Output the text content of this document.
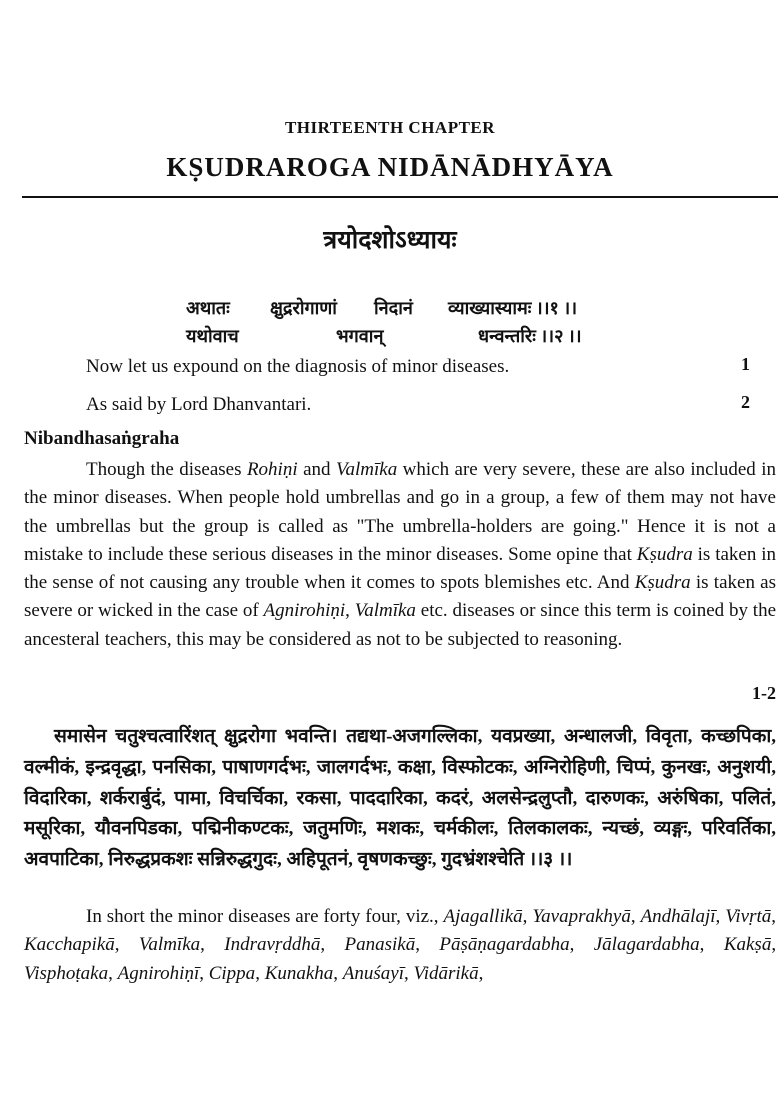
THIRTEENTH CHAPTER
KṢUDRAROGA NIDĀNĀDHYĀYA
त्रयोदशोऽध्यायः
अथातः क्षुद्ररोगाणां निदानं व्याख्यास्यामः ।।१ ।।
यथोवाच	भगवान्	धन्वन्तरिः ।।२ ।।
Now let us expound on the diagnosis of minor diseases.	1
As said by Lord Dhanvantari.	2
Nibandhasaṅgraha

Though the diseases Rohiṇi and Valmīka which are very severe, these are also included in the minor diseases. When people hold umbrellas and go in a group, a few of them may not have the umbrellas but the group is called as "The umbrella-holders are going." Hence it is not a mistake to include these serious diseases in the minor diseases. Some opine that Kṣudra is taken in the sense of not causing any trouble when it comes to spots blemishes etc. And Kṣudra is taken as severe or wicked in the case of Agnirohiṇi, Valmīka etc. diseases or since this term is coined by the ancesteral teachers, this may be considered as not to be subjected to reasoning.

1-2

समासेन चतुश्चत्वारिंशत् क्षुद्ररोगा भवन्ति। तद्यथा-अजगल्लिका, यवप्रख्या, अन्धालजी, विवृता, कच्छपिका, वल्मीकं, इन्द्रवृद्धा, पनसिका, पाषाणगर्दभः, जालगर्दभः, कक्षा, विस्फोटकः, अग्निरोहिणी, चिप्पं, कुनखः, अनुशयी, विदारिका, शर्करार्बुदं, पामा, विचर्चिका, रकसा, पाददारिका, कदरं, अलसेन्द्रलुप्तौ, दारुणकः, अरुंषिका, पलितं, मसूरिका, यौवनपिडका, पद्मिनीकण्टकः, जतुमणिः, मशकः, चर्मकीलः, तिलकालकः, न्यच्छं, व्यङ्गः, परिवर्तिका, अवपाटिका, निरुद्धप्रकशः सन्निरुद्धगुदः, अहिपूतनं, वृषणकच्छुः, गुदभ्रंशश्चेति ।।३ ।।

In short the minor diseases are forty four, viz., Ajagallikā, Yavaprakhyā, Andhālajī, Vivṛtā, Kacchapikā, Valmīka, Indravṛddhā, Panasikā, Pāṣāṇagardabha, Jālagardabha, Kakṣā, Visphoṭaka, Agnirohiṇī, Cippa, Kunakha, Anuśayī, Vidārikā,
